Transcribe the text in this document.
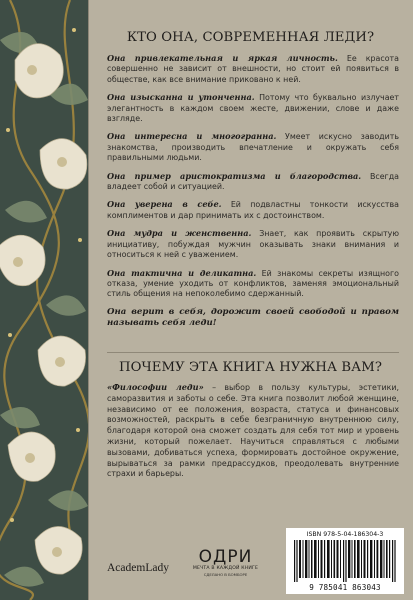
КТО ОНА, СОВРЕМЕННАЯ ЛЕДИ?

Она привлекательная и яркая личность. Ее красота совершенно не зависит от внешности, но стоит ей появиться в обществе, как все внимание приковано к ней.

Она изысканна и утонченна. Потому что буквально излучает элегантность в каждом своем жесте, движении, слове и даже взгляде.

Она интересна и многогранна. Умеет искусно заводить знакомства, производить впечатление и окружать себя правильными людьми.

Она пример аристократизма и благородства. Всегда владеет собой и ситуацией.

Она уверена в себе. Ей подвластны тонкости искусства комплиментов и дар принимать их с достоинством.

Она мудра и женственна. Знает, как проявить скрытую инициативу, побуждая мужчин оказывать знаки внимания и относиться к ней с уважением.

Она тактична и деликатна. Ей знакомы секреты изящного отказа, умение уходить от конфликтов, заменяя эмоциональный стиль общения на непоколебимо сдержанный.

Она верит в себя, дорожит своей свободой и правом называть себя леди!

ПОЧЕМУ ЭТА КНИГА НУЖНА ВАМ?

«Философии леди» – выбор в пользу культуры, эстетики, саморазвития и заботы о себе. Эта книга позволит любой женщине, независимо от ее положения, возраста, статуса и финансовых возможностей, раскрыть в себе безграничную внутреннюю силу, благодаря которой она сможет создать для себя тот мир и уровень жизни, который пожелает. Научиться справляться с любыми вызовами, добиваться успеха, формировать достойное окружение, вырываться за рамки предрассудков, преодолевать внутренние страхи и барьеры.

AcademLady
ОДРИ
МЕЧТА В КАЖДОЙ КНИГЕ
СДЕЛАНО В БОМБОРЕ
ISBN 978-5-04-186304-3
9 785041 863043
